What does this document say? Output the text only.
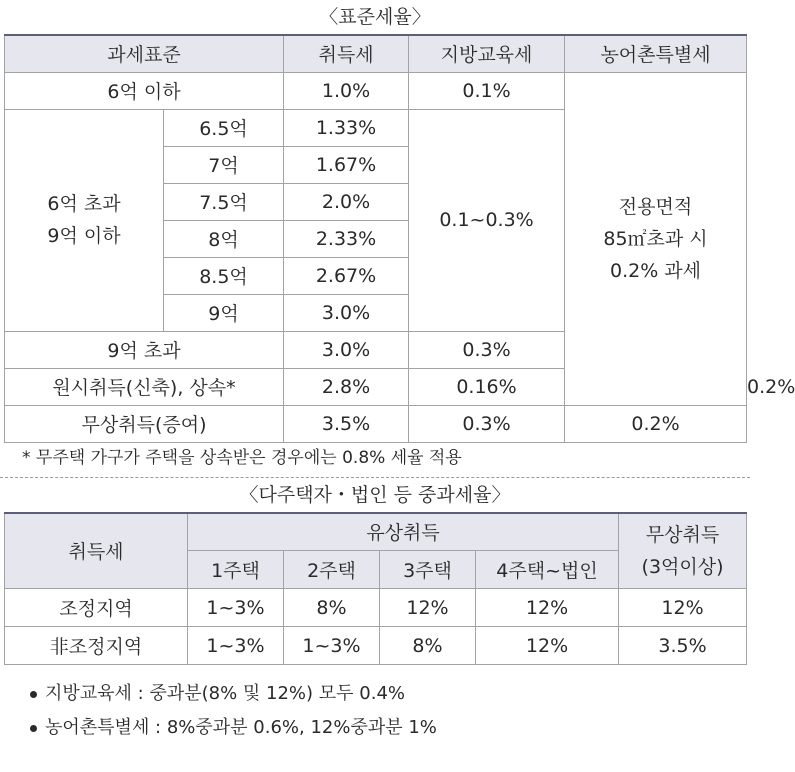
〈표준세율〉
과세표준		취득세	지방교육세	농어촌특별세	
6억 이하		1.0%	0.1%	전용면적
85㎡초과 시
0.2% 과세	

6억 초과
9억 이하	6.5억	1.33%	0.1~0.3%		
	7억	1.67%			
	7.5억	2.0%			
	8억	2.33%			
	8.5억	2.67%			
	9억	3.0%			
9억 초과		3.0%	0.3%		
원시취득(신축), 상속*		2.8%	0.16%		0.2%
무상취득(증여)		3.5%	0.3%	0.2%	
* 무주택 가구가 주택을 상속받은 경우에는 0.8% 세율 적용
〈다주택자・법인 등 중과세율〉
취득세	유상취득				무상취득
(3억이상)

	1주택	2주택	3주택	4주택~법인	
조정지역	1~3%	8%	12%	12%	12%
非조정지역	1~3%	1~3%	8%	12%	3.5%
지방교육세 : 중과분(8% 및 12%) 모두 0.4%
농어촌특별세 : 8%중과분 0.6%, 12%중과분 1%
